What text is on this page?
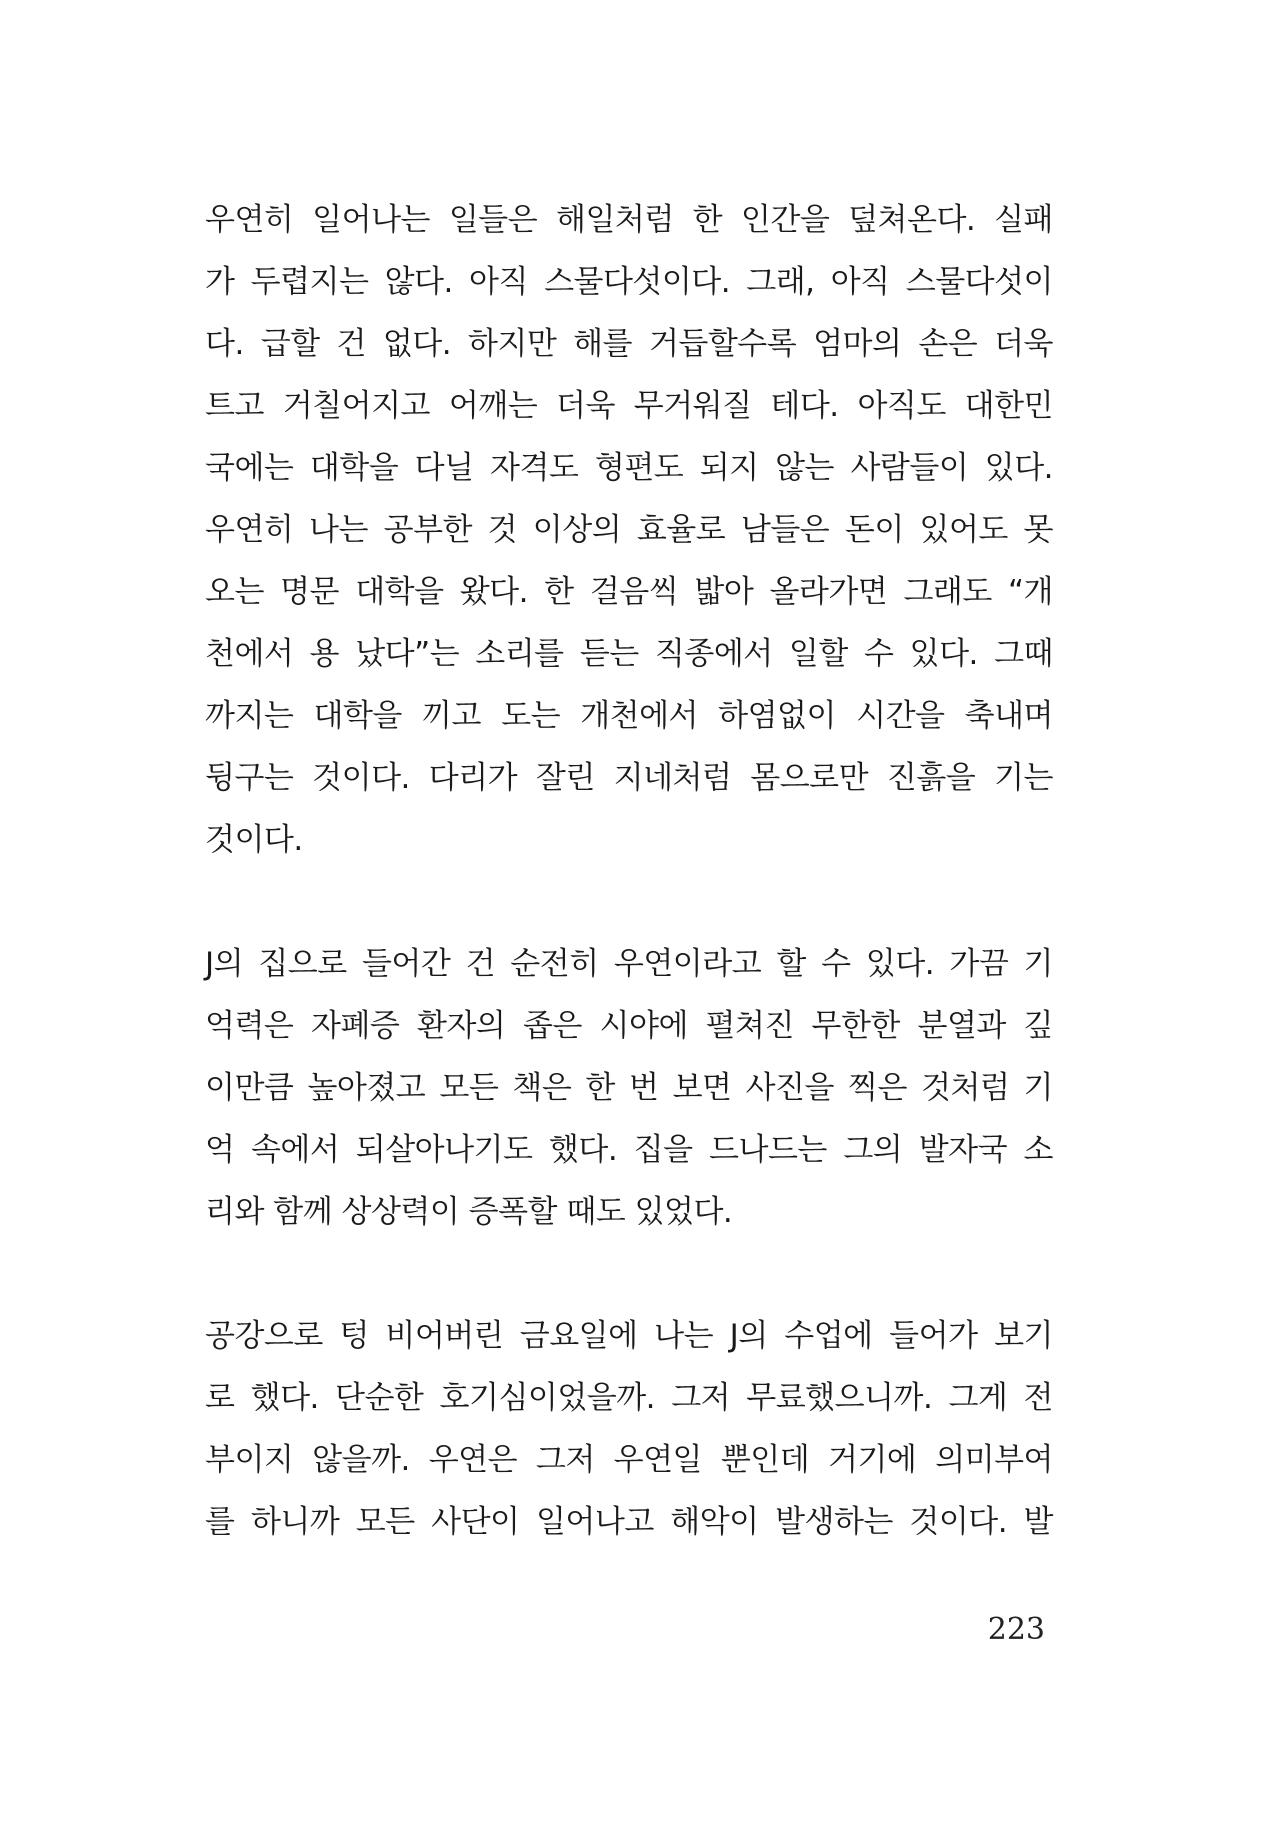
우연히 일어나는 일들은 해일처럼 한 인간을 덮쳐온다. 실패
가 두렵지는 않다. 아직 스물다섯이다. 그래, 아직 스물다섯이
다. 급할 건 없다. 하지만 해를 거듭할수록 엄마의 손은 더욱
트고 거칠어지고 어깨는 더욱 무거워질 테다. 아직도 대한민
국에는 대학을 다닐 자격도 형편도 되지 않는 사람들이 있다.
우연히 나는 공부한 것 이상의 효율로 남들은 돈이 있어도 못
오는 명문 대학을 왔다. 한 걸음씩 밟아 올라가면 그래도 “개
천에서 용 났다”는 소리를 듣는 직종에서 일할 수 있다. 그때
까지는 대학을 끼고 도는 개천에서 하염없이 시간을 축내며
뒹구는 것이다. 다리가 잘린 지네처럼 몸으로만 진흙을 기는
것이다.

J의 집으로 들어간 건 순전히 우연이라고 할 수 있다. 가끔 기
억력은 자폐증 환자의 좁은 시야에 펼쳐진 무한한 분열과 깊
이만큼 높아졌고 모든 책은 한 번 보면 사진을 찍은 것처럼 기
억 속에서 되살아나기도 했다. 집을 드나드는 그의 발자국 소
리와 함께 상상력이 증폭할 때도 있었다.

공강으로 텅 비어버린 금요일에 나는 J의 수업에 들어가 보기
로 했다. 단순한 호기심이었을까. 그저 무료했으니까. 그게 전
부이지 않을까. 우연은 그저 우연일 뿐인데 거기에 의미부여
를 하니까 모든 사단이 일어나고 해악이 발생하는 것이다. 발

223
